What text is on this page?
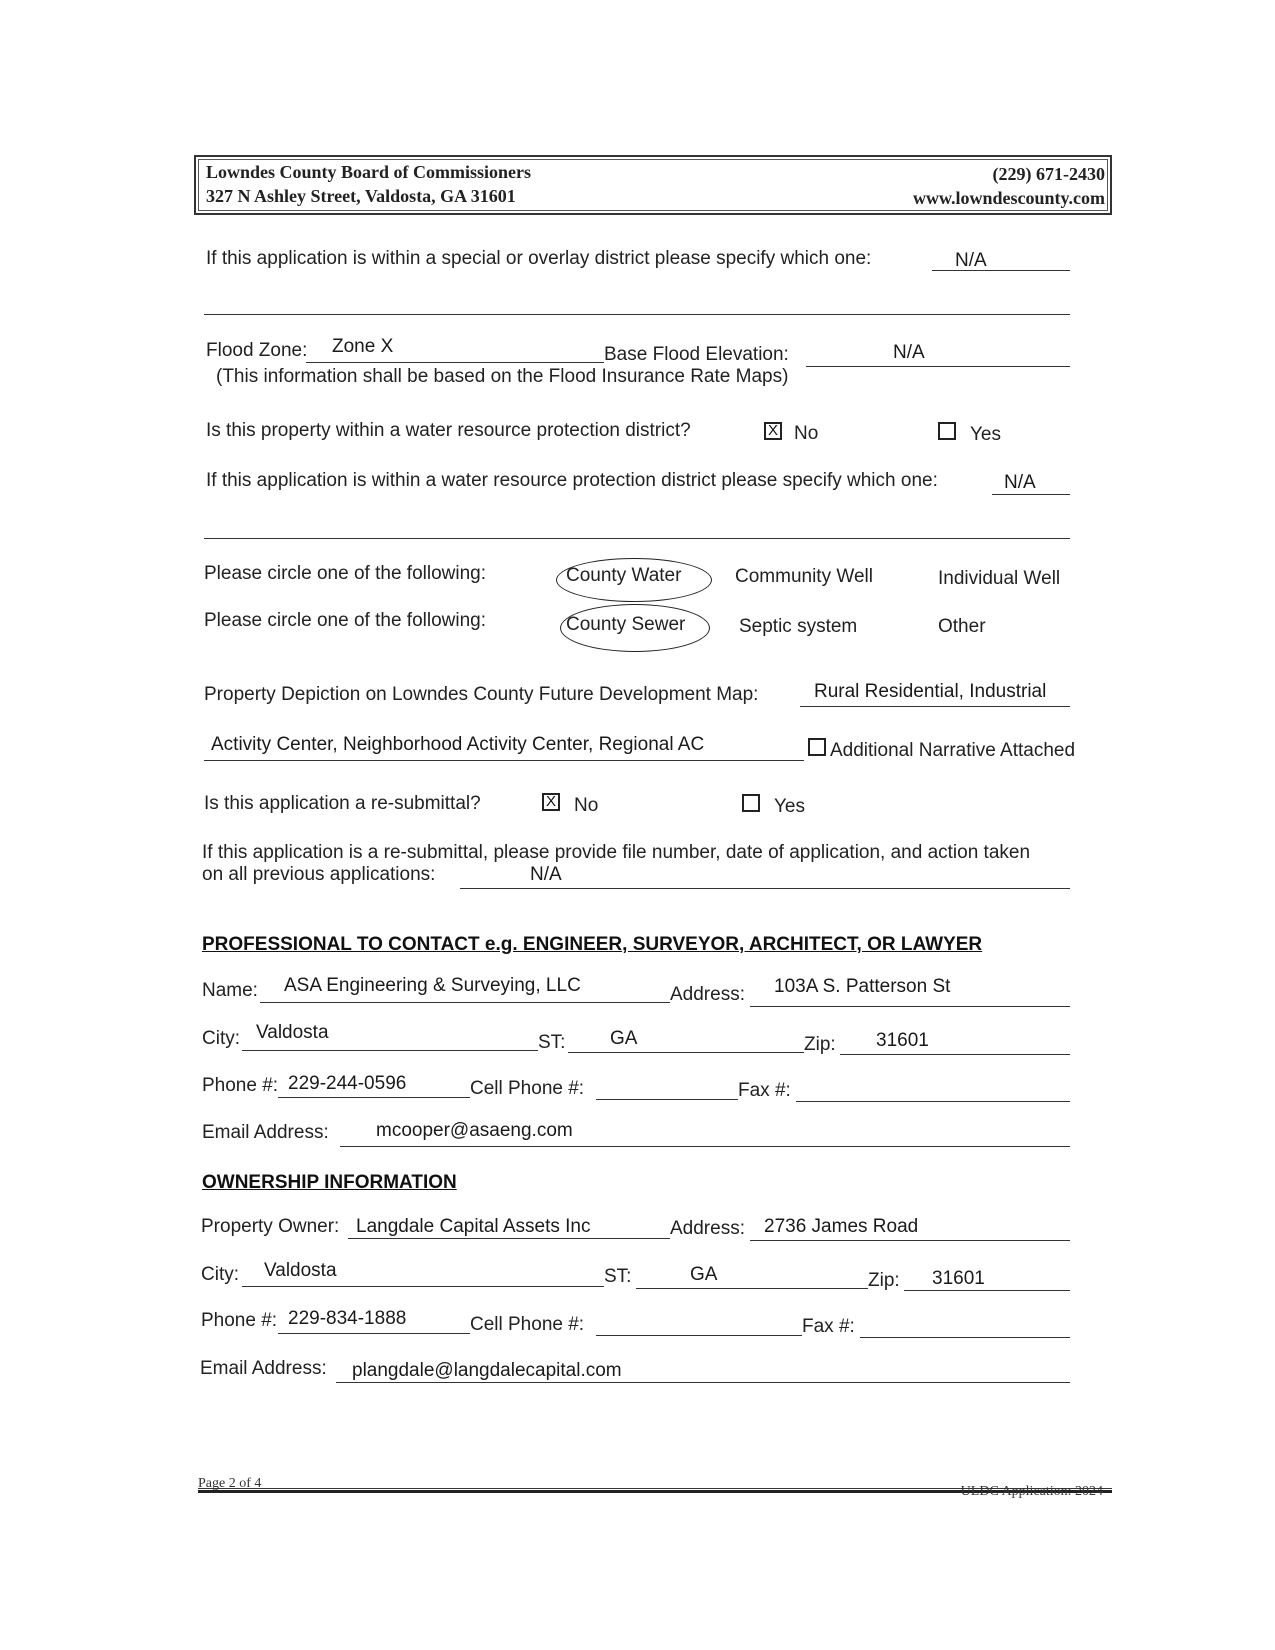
Lowndes County Board of Commissioners
327 N Ashley Street, Valdosta, GA 31601
(229) 671-2430
www.lowndescounty.com
If this application is within a special or overlay district please specify which one:	N/A
Flood Zone: Zone X	Base Flood Elevation:	N/A
(This information shall be based on the Flood Insurance Rate Maps)
Is this property within a water resource protection district?	X No	Yes
If this application is within a water resource protection district please specify which one:	N/A
Please circle one of the following:	County Water	Community Well	Individual Well
Please circle one of the following:	County Sewer	Septic system	Other
Property Depiction on Lowndes County Future Development Map:	Rural Residential, Industrial
Activity Center, Neighborhood Activity Center, Regional AC	Additional Narrative Attached
Is this application a re-submittal?	X No	Yes
If this application is a re-submittal, please provide file number, date of application, and action taken
on all previous applications:	N/A
PROFESSIONAL TO CONTACT e.g. ENGINEER, SURVEYOR, ARCHITECT, OR LAWYER
Name: ASA Engineering & Surveying, LLC	Address: 103A S. Patterson St
City: Valdosta	ST: GA	Zip: 31601
Phone #: 229-244-0596	Cell Phone #:	Fax #:
Email Address: mcooper@asaeng.com
OWNERSHIP INFORMATION
Property Owner: Langdale Capital Assets Inc	Address: 2736 James Road
City: Valdosta	ST:	GA	Zip: 31601
Phone #: 229-834-1888	Cell Phone #:	Fax #:
Email Address: plangdale@langdalecapital.com
Page 2 of 4
ULDC Application: 2024
